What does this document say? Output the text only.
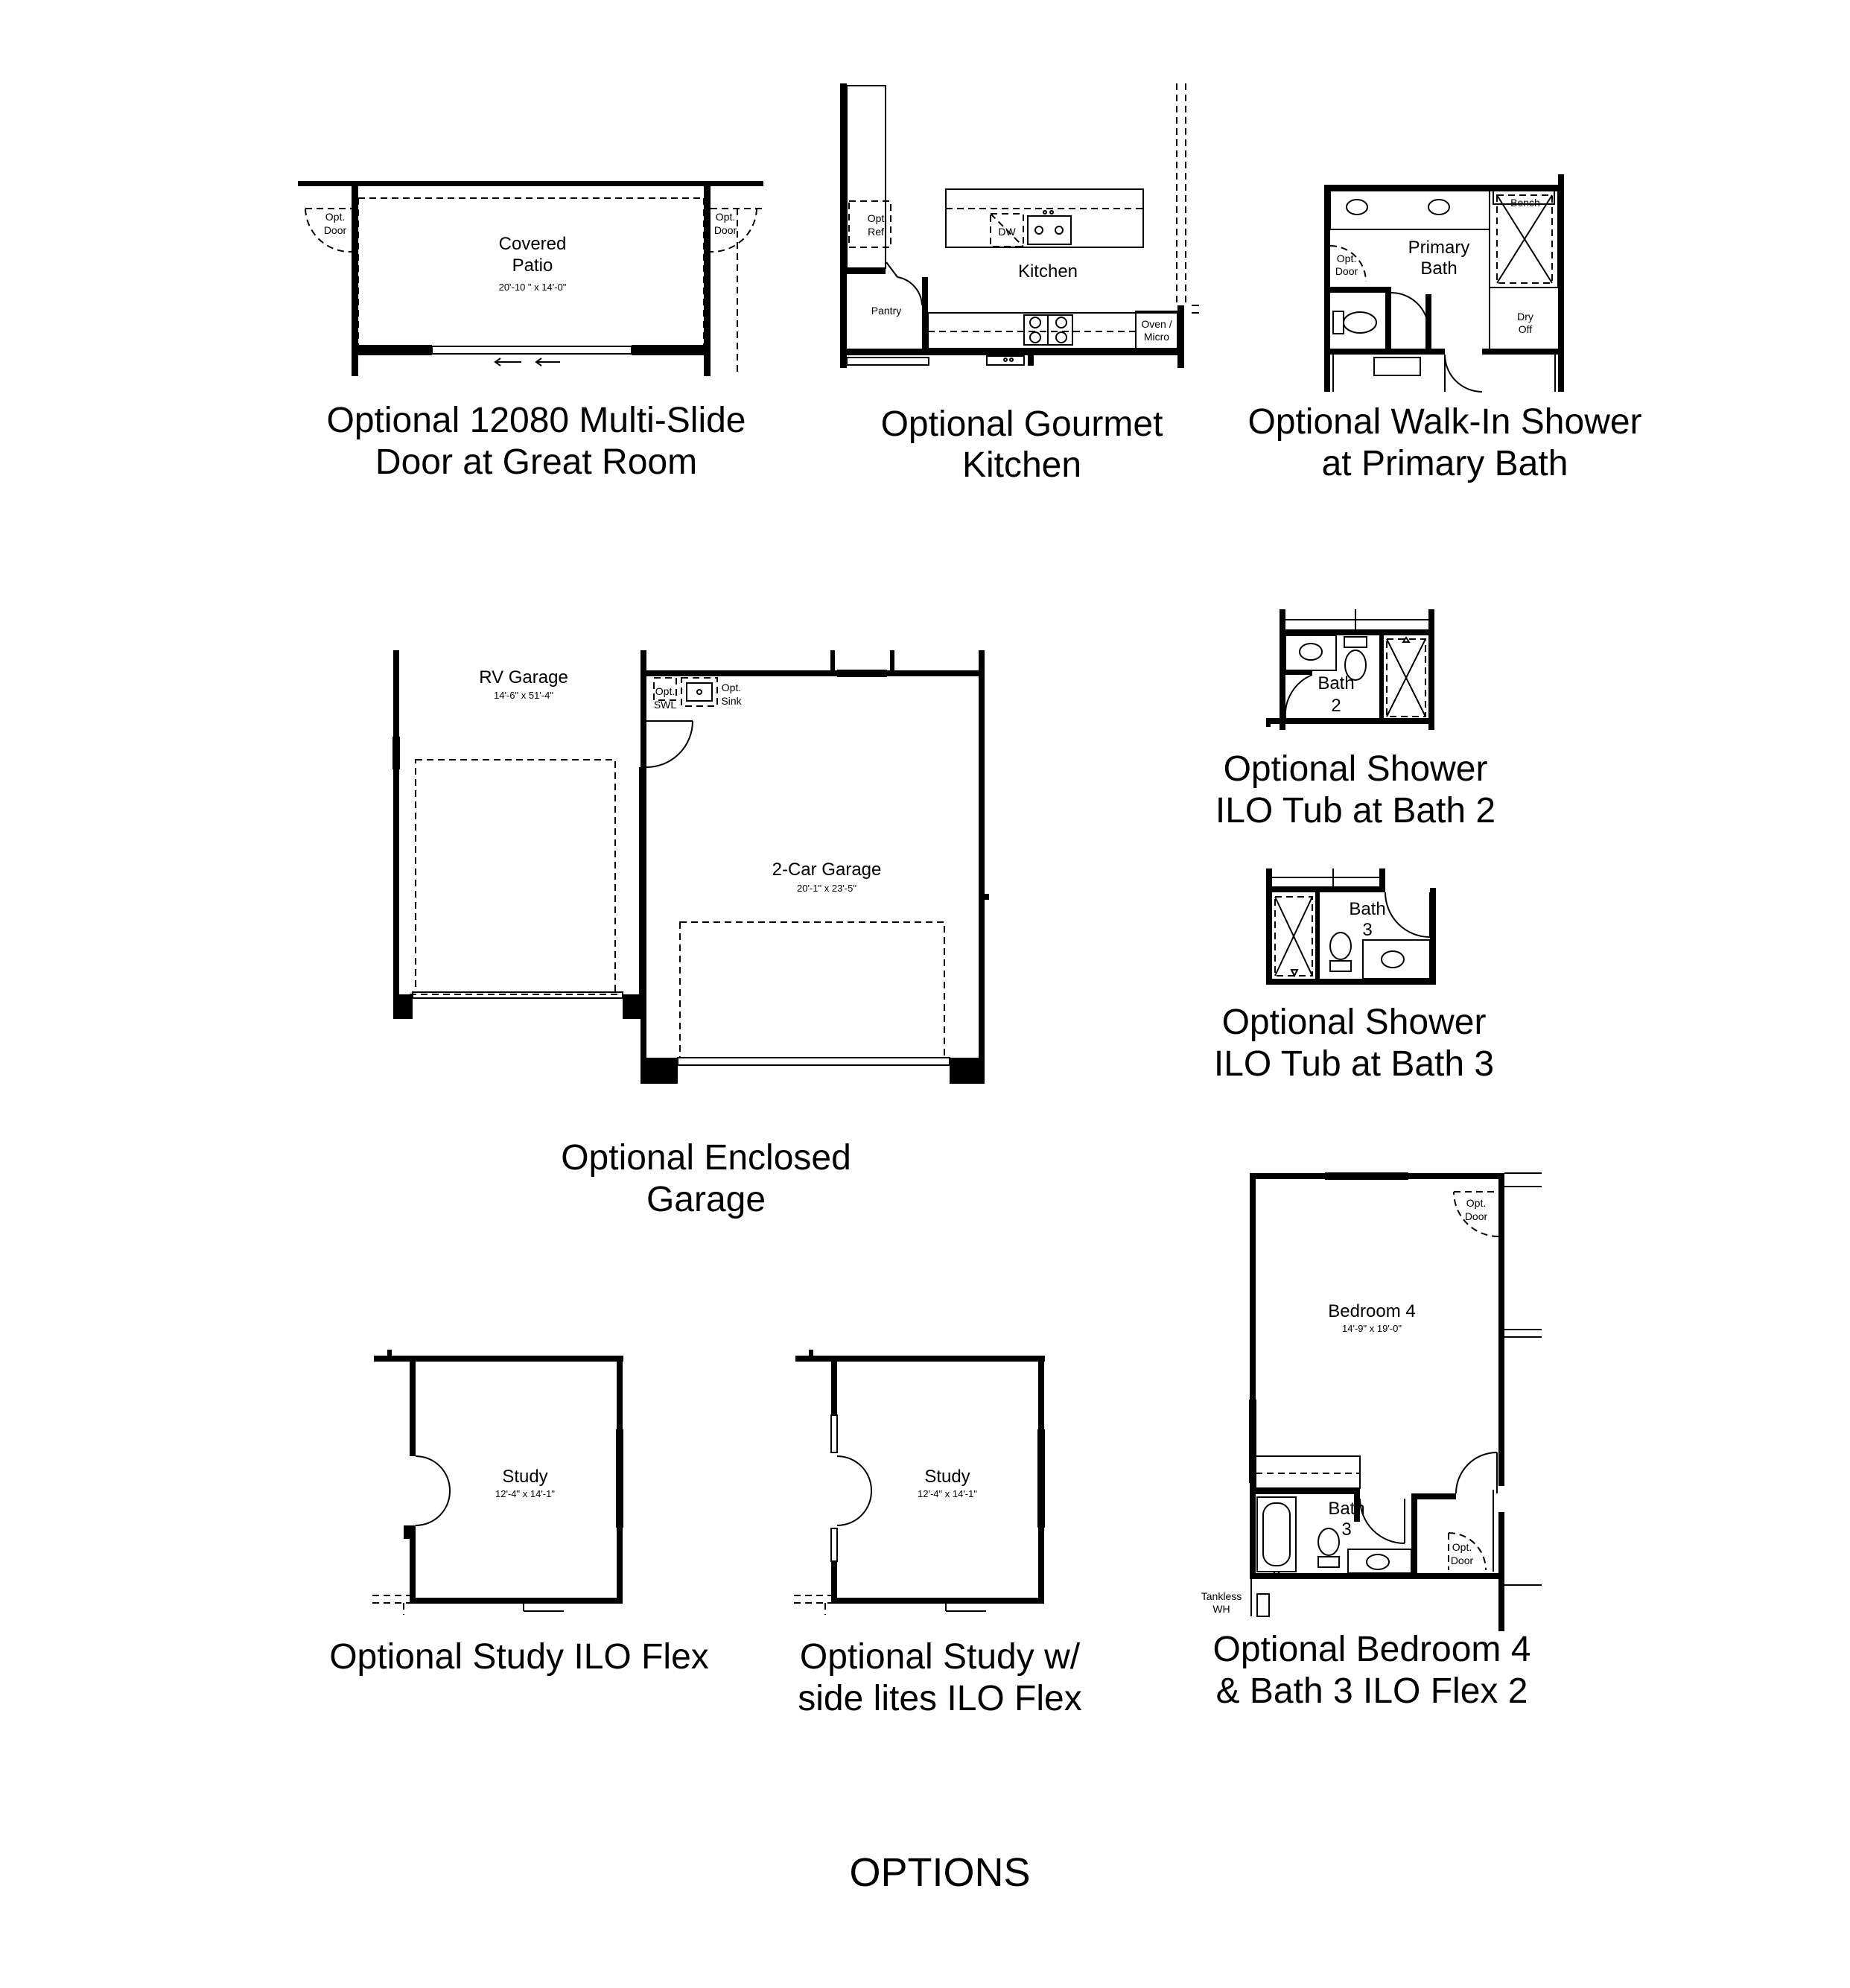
Opt.
Door
Opt.
Door
Covered
Patio
20'-10 " x 14'-0"
Optional 12080 Multi-Slide
Door at Great Room
Opt.
Ref.
Pantry
DW
Kitchen
Oven /
Micro
Optional Gourmet
Kitchen
Bench
Primary
Bath
Opt.
Door
Dry
Off
Optional Walk-In Shower
at Primary Bath
RV Garage
14'-6" x 51'-4"	Opt.
SWL
Opt.
Sink
2-Car Garage
20'-1" x 23'-5"
Optional Enclosed
Garage
Bath
2
Optional Shower
ILO Tub at Bath 2
Bath
3
Optional Shower
ILO Tub at Bath 3
Study
12'-4" x 14'-1"
Optional Study ILO Flex
Study
12'-4" x 14'-1"
Optional Study w/
side lites ILO Flex
Opt.
Door
Bedroom 4
14'-9" x 19'-0"
Bath
3
Opt.
Door
Tankless
WH
Optional Bedroom 4
& Bath 3 ILO Flex 2
OPTIONS
